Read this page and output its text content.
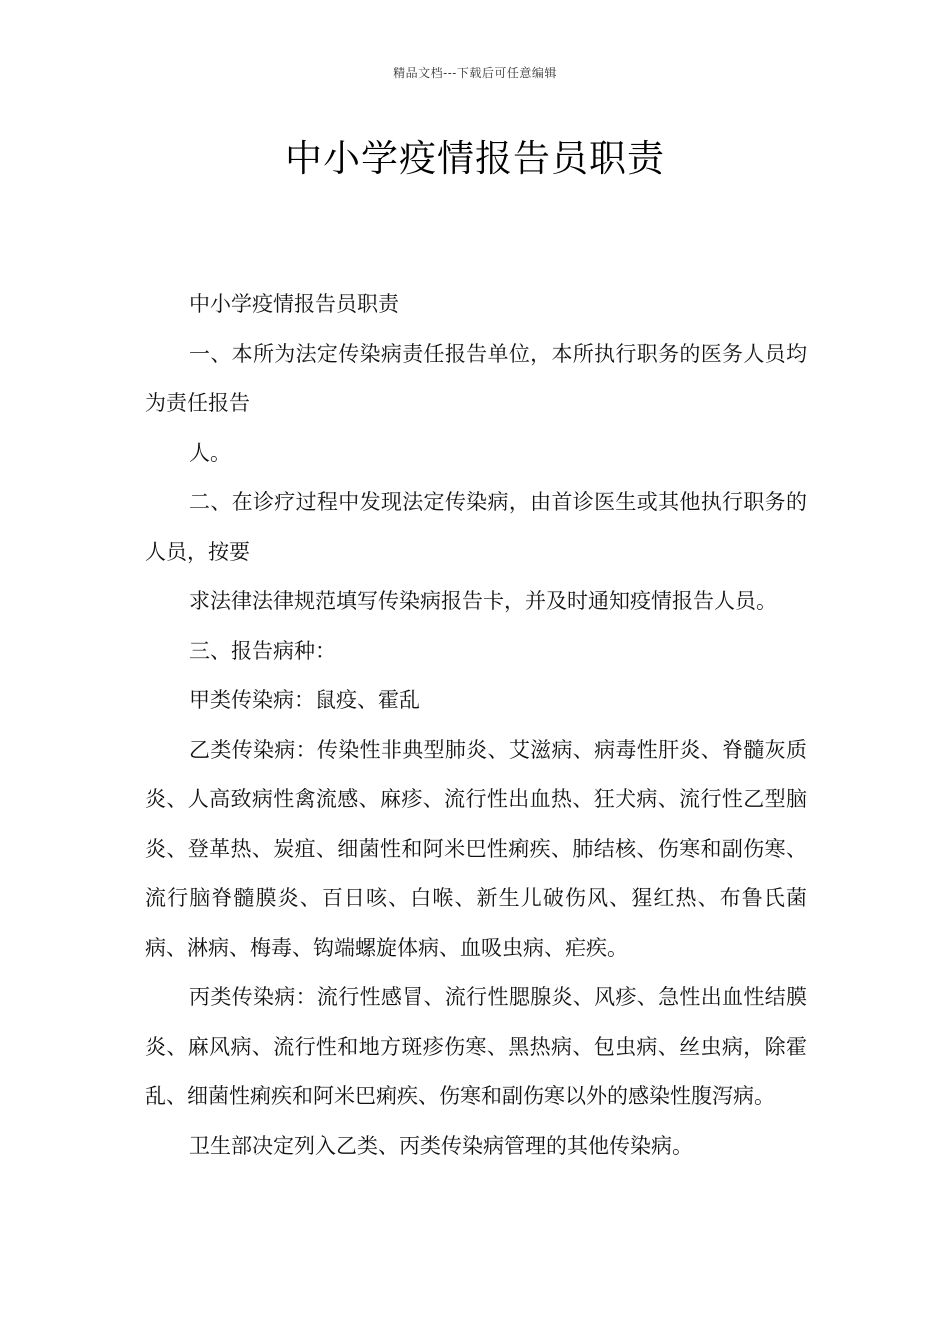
精品文档---下载后可任意编辑
中小学疫情报告员职责

中小学疫情报告员职责

一、本所为法定传染病责任报告单位，本所执行职务的医务人员均为责任报告

人。

二、在诊疗过程中发现法定传染病，由首诊医生或其他执行职务的人员，按要

求法律法律规范填写传染病报告卡，并及时通知疫情报告人员。

三、报告病种：

甲类传染病：鼠疫、霍乱

乙类传染病：传染性非典型肺炎、艾滋病、病毒性肝炎、脊髓灰质炎、人高致病性禽流感、麻疹、流行性出血热、狂犬病、流行性乙型脑炎、登革热、炭疽、细菌性和阿米巴性痢疾、肺结核、伤寒和副伤寒、流行脑脊髓膜炎、百日咳、白喉、新生儿破伤风、猩红热、布鲁氏菌病、淋病、梅毒、钩端螺旋体病、血吸虫病、疟疾。

丙类传染病：流行性感冒、流行性腮腺炎、风疹、急性出血性结膜炎、麻风病、流行性和地方斑疹伤寒、黑热病、包虫病、丝虫病，除霍乱、细菌性痢疾和阿米巴痢疾、伤寒和副伤寒以外的感染性腹泻病。

卫生部决定列入乙类、丙类传染病管理的其他传染病。
